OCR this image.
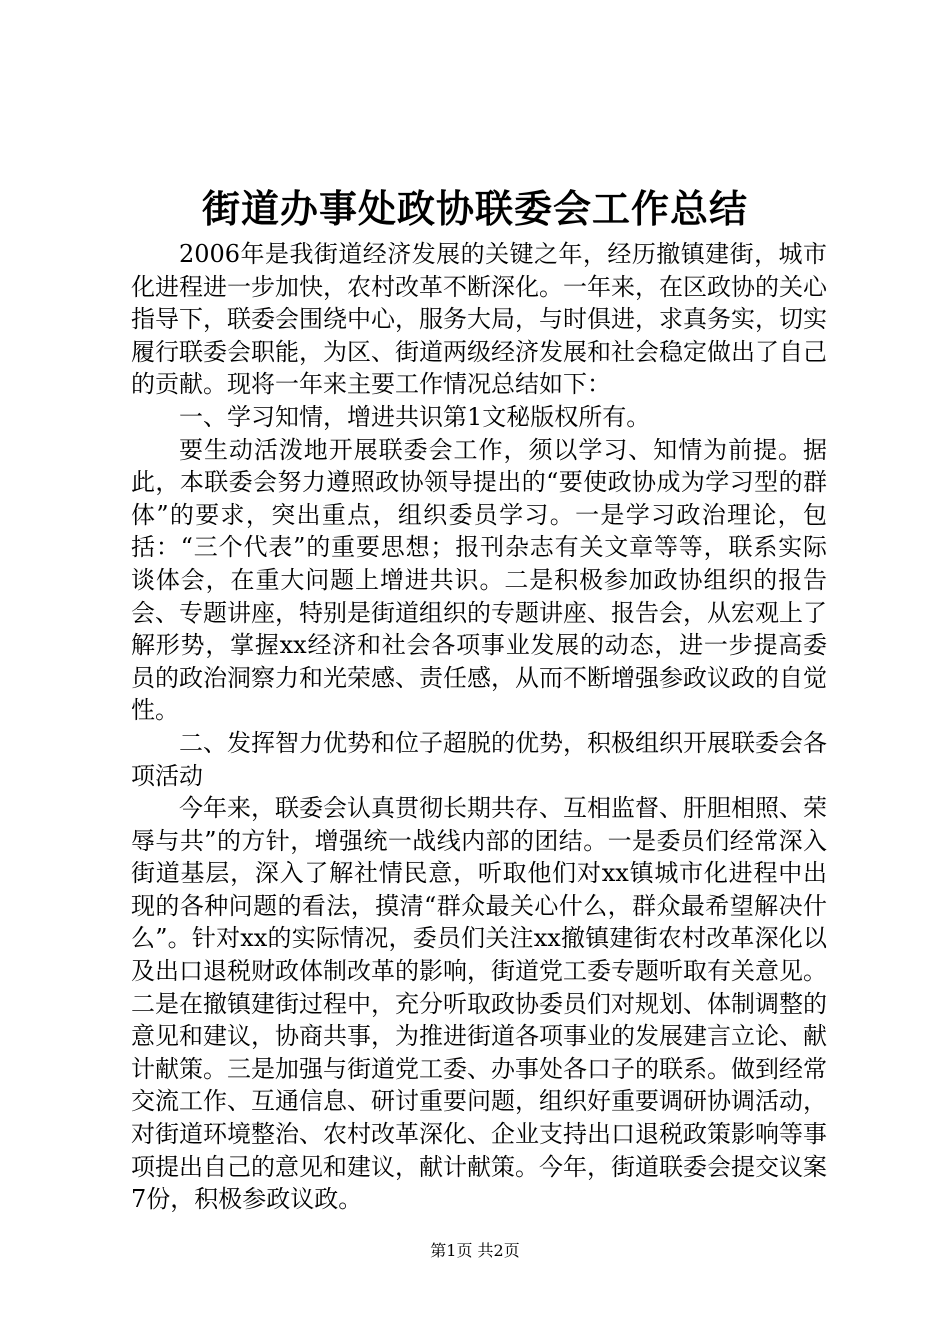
街道办事处政协联委会工作总结

2006年是我街道经济发展的关键之年，经历撤镇建街，城市化进程进一步加快，农村改革不断深化。一年来，在区政协的关心指导下，联委会围绕中心，服务大局，与时俱进，求真务实，切实履行联委会职能，为区、街道两级经济发展和社会稳定做出了自己的贡献。现将一年来主要工作情况总结如下：

一、学习知情，增进共识第1文秘版权所有。

要生动活泼地开展联委会工作，须以学习、知情为前提。据此，本联委会努力遵照政协领导提出的“要使政协成为学习型的群体”的要求，突出重点，组织委员学习。一是学习政治理论，包括：“三个代表”的重要思想；报刊杂志有关文章等等，联系实际谈体会，在重大问题上增进共识。二是积极参加政协组织的报告会、专题讲座，特别是街道组织的专题讲座、报告会，从宏观上了解形势，掌握xx经济和社会各项事业发展的动态，进一步提高委员的政治洞察力和光荣感、责任感，从而不断增强参政议政的自觉性。

二、发挥智力优势和位子超脱的优势，积极组织开展联委会各项活动

今年来，联委会认真贯彻长期共存、互相监督、肝胆相照、荣辱与共”的方针，增强统一战线内部的团结。一是委员们经常深入街道基层，深入了解社情民意，听取他们对xx镇城市化进程中出现的各种问题的看法，摸清“群众最关心什么，群众最希望解决什么”。针对xx的实际情况，委员们关注xx撤镇建街农村改革深化以及出口退税财政体制改革的影响，街道党工委专题听取有关意见。二是在撤镇建街过程中，充分听取政协委员们对规划、体制调整的意见和建议，协商共事，为推进街道各项事业的发展建言立论、献计献策。三是加强与街道党工委、办事处各口子的联系。做到经常交流工作、互通信息、研讨重要问题，组织好重要调研协调活动，对街道环境整治、农村改革深化、企业支持出口退税政策影响等事项提出自己的意见和建议，献计献策。今年，街道联委会提交议案7份，积极参政议政。

第1页 共2页
